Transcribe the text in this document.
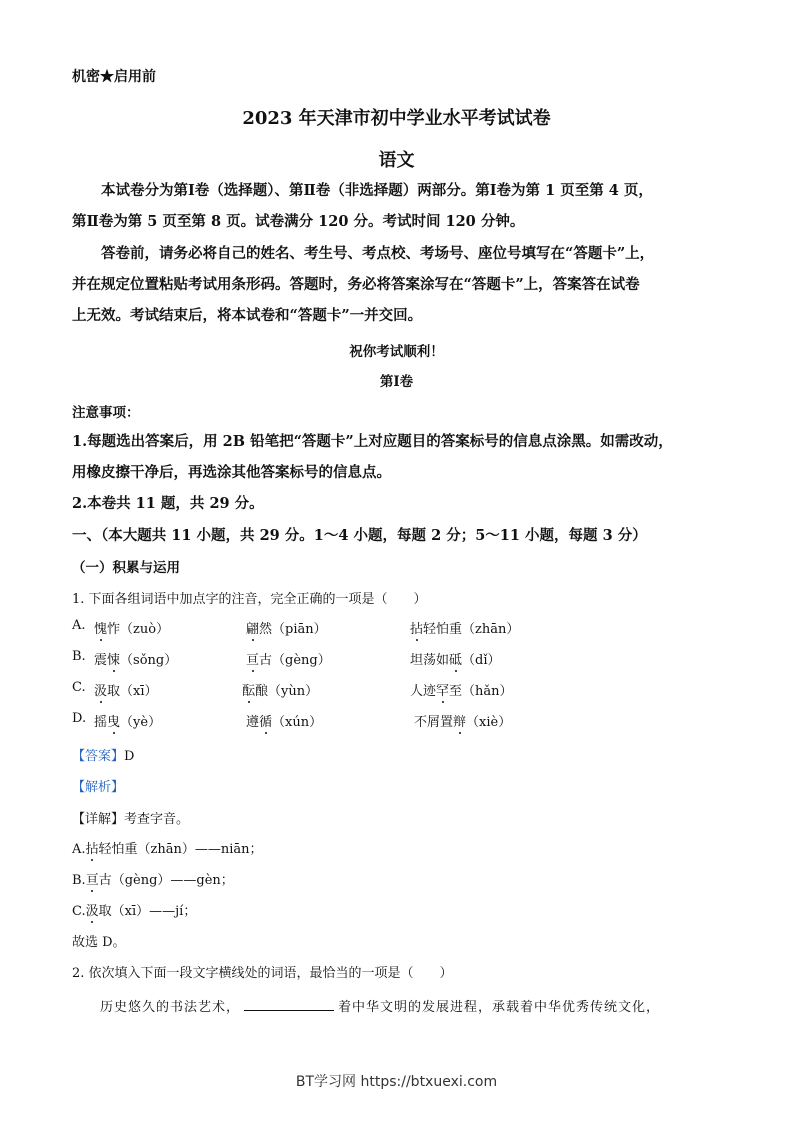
机密★启用前
2023 年天津市初中学业水平考试试卷
语文
本试卷分为第Ⅰ卷（选择题）、第Ⅱ卷（非选择题）两部分。第Ⅰ卷为第 1 页至第 4 页，
第Ⅱ卷为第 5 页至第 8 页。试卷满分 120 分。考试时间 120 分钟。
答卷前，请务必将自己的姓名、考生号、考点校、考场号、座位号填写在“答题卡”上，
并在规定位置粘贴考试用条形码。答题时，务必将答案涂写在“答题卡”上，答案答在试卷
上无效。考试结束后，将本试卷和“答题卡”一并交回。
祝你考试顺利！
第Ⅰ卷
注意事项：
1.每题选出答案后，用 2B 铅笔把“答题卡”上对应题目的答案标号的信息点涂黑。如需改动，
用橡皮擦干净后，再选涂其他答案标号的信息点。
2.本卷共 11 题，共 29 分。
一、（本大题共 11 小题，共 29 分。1～4 小题，每题 2 分；5～11 小题，每题 3 分）
（一）积累与运用
1. 下面各组词语中加点字的注音，完全正确的一项是（　　）
A. 愧怍（zuò）	翩然（piān）	拈轻怕重（zhān）
B. 震悚（sǒng）	亘古（gèng）	坦荡如砥（dǐ）
C. 汲取（xī）	酝酿（yùn）	人迹罕至（hǎn）
D. 摇曳（yè）	遵循（xún）	不屑置辩（xiè）
【答案】D
【解析】
【详解】考查字音。
A.拈轻怕重（zhān）——niān；
B.亘古（gèng）——gèn；
C.汲取（xī）——jí；
故选 D。
2. 依次填入下面一段文字横线处的词语，最恰当的一项是（　　）
历史悠久的书法艺术，	着中华文明的发展进程，承载着中华优秀传统文化，
BT学习网 https://btxuexi.com
